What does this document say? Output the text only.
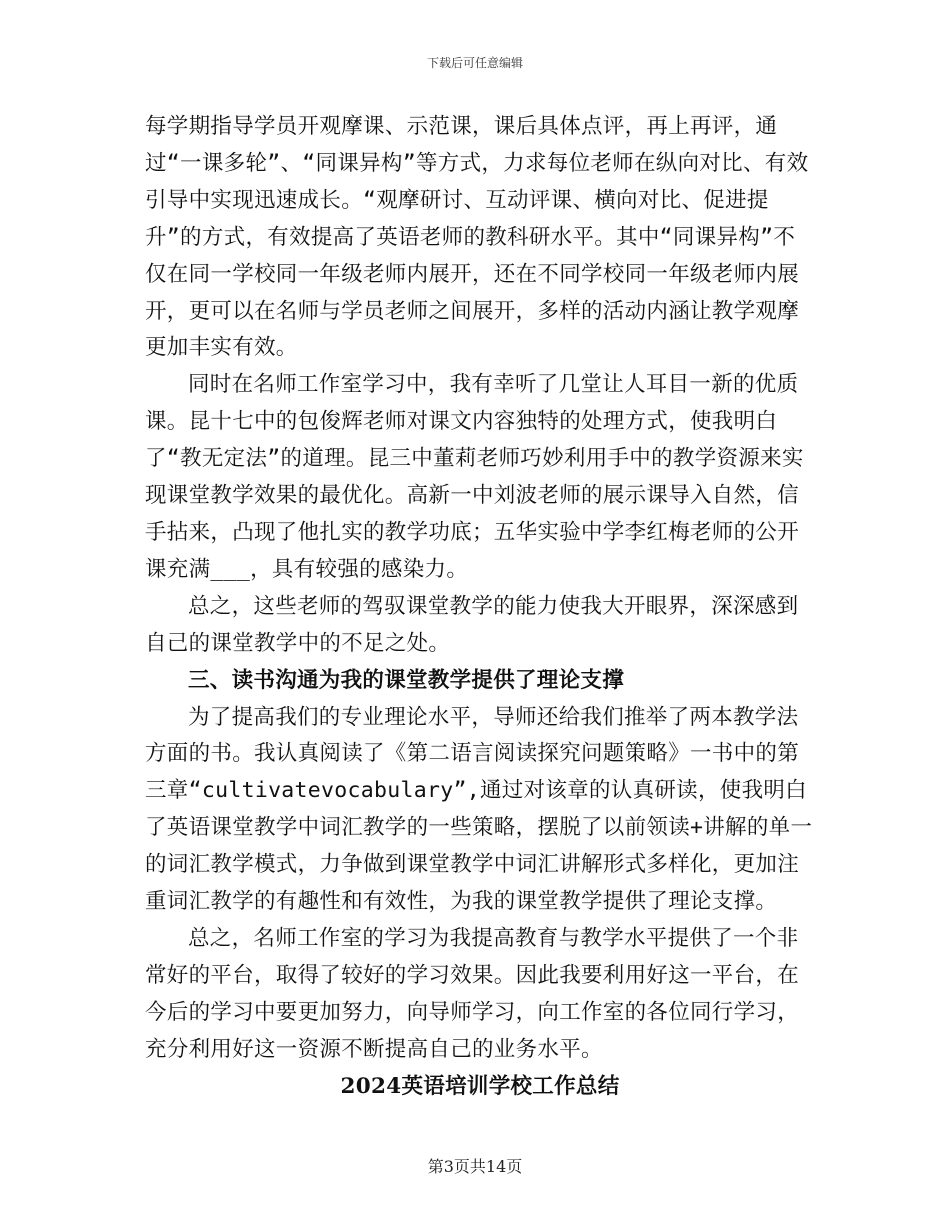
下载后可任意编辑

每学期指导学员开观摩课、示范课，课后具体点评，再上再评，通过“一课多轮”、“同课异构”等方式，力求每位老师在纵向对比、有效引导中实现迅速成长。“观摩研讨、互动评课、横向对比、促进提升”的方式，有效提高了英语老师的教科研水平。其中“同课异构”不仅在同一学校同一年级老师内展开，还在不同学校同一年级老师内展开，更可以在名师与学员老师之间展开，多样的活动内涵让教学观摩更加丰实有效。

同时在名师工作室学习中，我有幸听了几堂让人耳目一新的优质课。昆十七中的包俊辉老师对课文内容独特的处理方式，使我明白了“教无定法”的道理。昆三中董莉老师巧妙利用手中的教学资源来实现课堂教学效果的最优化。高新一中刘波老师的展示课导入自然，信手拈来，凸现了他扎实的教学功底；五华实验中学李红梅老师的公开课充满___，具有较强的感染力。

总之，这些老师的驾驭课堂教学的能力使我大开眼界，深深感到自己的课堂教学中的不足之处。

三、读书沟通为我的课堂教学提供了理论支撑

为了提高我们的专业理论水平，导师还给我们推举了两本教学法方面的书。我认真阅读了《第二语言阅读探究问题策略》一书中的第三章“cultivatevocabulary”,通过对该章的认真研读，使我明白了英语课堂教学中词汇教学的一些策略，摆脱了以前领读+讲解的单一的词汇教学模式，力争做到课堂教学中词汇讲解形式多样化，更加注重词汇教学的有趣性和有效性，为我的课堂教学提供了理论支撑。

总之，名师工作室的学习为我提高教育与教学水平提供了一个非常好的平台，取得了较好的学习效果。因此我要利用好这一平台，在今后的学习中要更加努力，向导师学习，向工作室的各位同行学习，充分利用好这一资源不断提高自己的业务水平。

2024英语培训学校工作总结

第3页共14页
